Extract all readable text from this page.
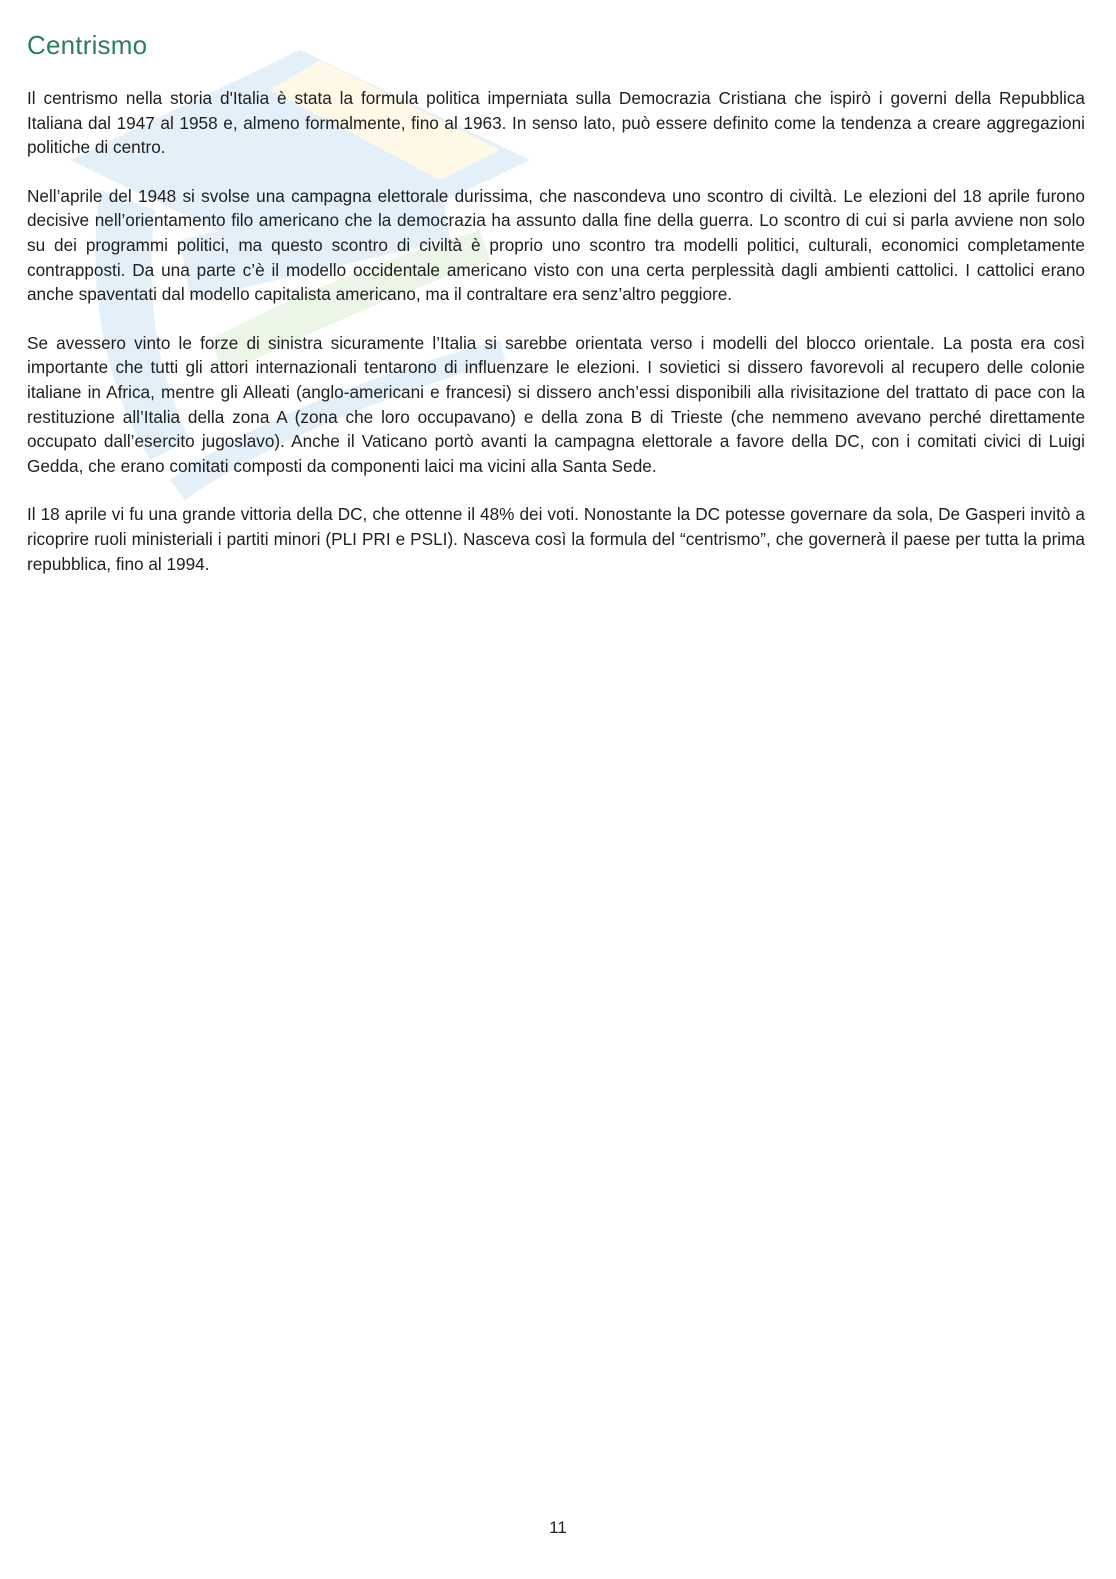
Centrismo

Il centrismo nella storia d'Italia è stata la formula politica imperniata sulla Democrazia Cristiana che ispirò i governi della Repubblica Italiana dal 1947 al 1958 e, almeno formalmente, fino al 1963. In senso lato, può essere definito come la tendenza a creare aggregazioni politiche di centro.

Nell’aprile del 1948 si svolse una campagna elettorale durissima, che nascondeva uno scontro di civiltà. Le elezioni del 18 aprile furono decisive nell’orientamento filo americano che la democrazia ha assunto dalla fine della guerra. Lo scontro di cui si parla avviene non solo su dei programmi politici, ma questo scontro di civiltà è proprio uno scontro tra modelli politici, culturali, economici completamente contrapposti. Da una parte c’è il modello occidentale americano visto con una certa perplessità dagli ambienti cattolici. I cattolici erano anche spaventati dal modello capitalista americano, ma il contraltare era senz’altro peggiore.

Se avessero vinto le forze di sinistra sicuramente l’Italia si sarebbe orientata verso i modelli del blocco orientale. La posta era così importante che tutti gli attori internazionali tentarono di influenzare le elezioni. I sovietici si dissero favorevoli al recupero delle colonie italiane in Africa, mentre gli Alleati (anglo-americani e francesi) si dissero anch’essi disponibili alla rivisitazione del trattato di pace con la restituzione all’Italia della zona A (zona che loro occupavano) e della zona B di Trieste (che nemmeno avevano perché direttamente occupato dall’esercito jugoslavo). Anche il Vaticano portò avanti la campagna elettorale a favore della DC, con i comitati civici di Luigi Gedda, che erano comitati composti da componenti laici ma vicini alla Santa Sede.

Il 18 aprile vi fu una grande vittoria della DC, che ottenne il 48% dei voti. Nonostante la DC potesse governare da sola, De Gasperi invitò a ricoprire ruoli ministeriali i partiti minori (PLI PRI e PSLI). Nasceva così la formula del “centrismo”, che governerà il paese per tutta la prima repubblica, fino al 1994.

11
